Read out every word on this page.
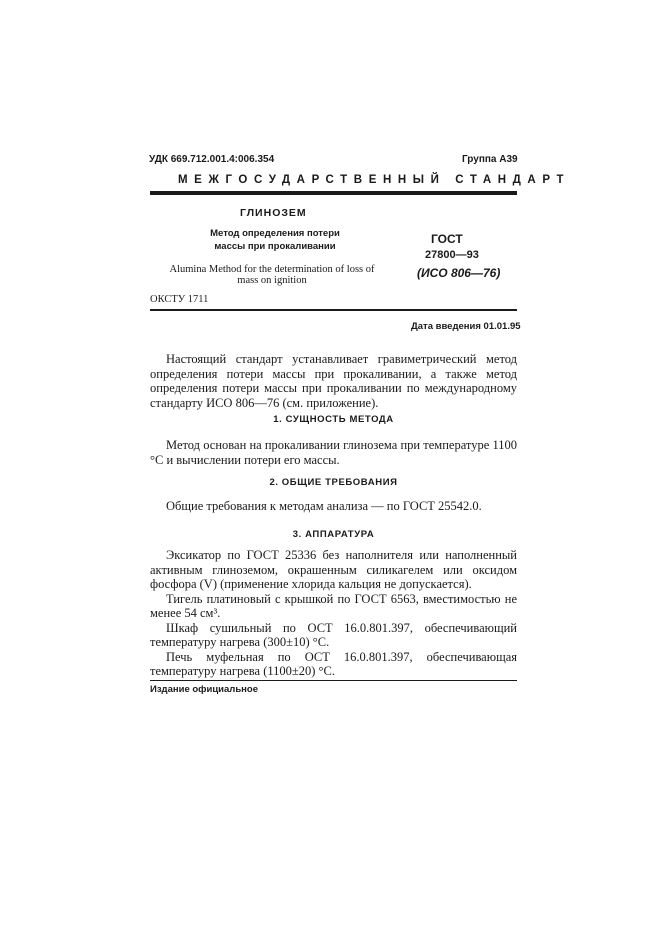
УДК 669.712.001.4:006.354	Группа А39
МЕЖГОСУДАРСТВЕННЫЙ СТАНДАРТ
ГЛИНОЗЕМ
Метод определения потери массы при прокаливании
Alumina Method for the determination of loss of mass on ignition
ГОСТ
27800—93
(ИСО 806—76)
ОКСТУ 1711
Дата введения 01.01.95

Настоящий стандарт устанавливает гравиметрический метод определения потери массы при прокаливании, а также метод определения потери массы при прокаливании по международному стандарту ИСО 806—76 (см. приложение).

1. СУЩНОСТЬ МЕТОДА

Метод основан на прокаливании глинозема при температуре 1100 °С и вычислении потери его массы.

2. ОБЩИЕ ТРЕБОВАНИЯ

Общие требования к методам анализа — по ГОСТ 25542.0.

3. АППАРАТУРА

Эксикатор по ГОСТ 25336 без наполнителя или наполненный активным глиноземом, окрашенным силикагелем или оксидом фосфора (V) (применение хлорида кальция не допускается).

Тигель платиновый с крышкой по ГОСТ 6563, вместимостью не менее 54 см³.

Шкаф сушильный по ОСТ 16.0.801.397, обеспечивающий температуру нагрева (300±10) °С.

Печь муфельная по ОСТ 16.0.801.397, обеспечивающая температуру нагрева (1100±20) °С.

Издание официальное
